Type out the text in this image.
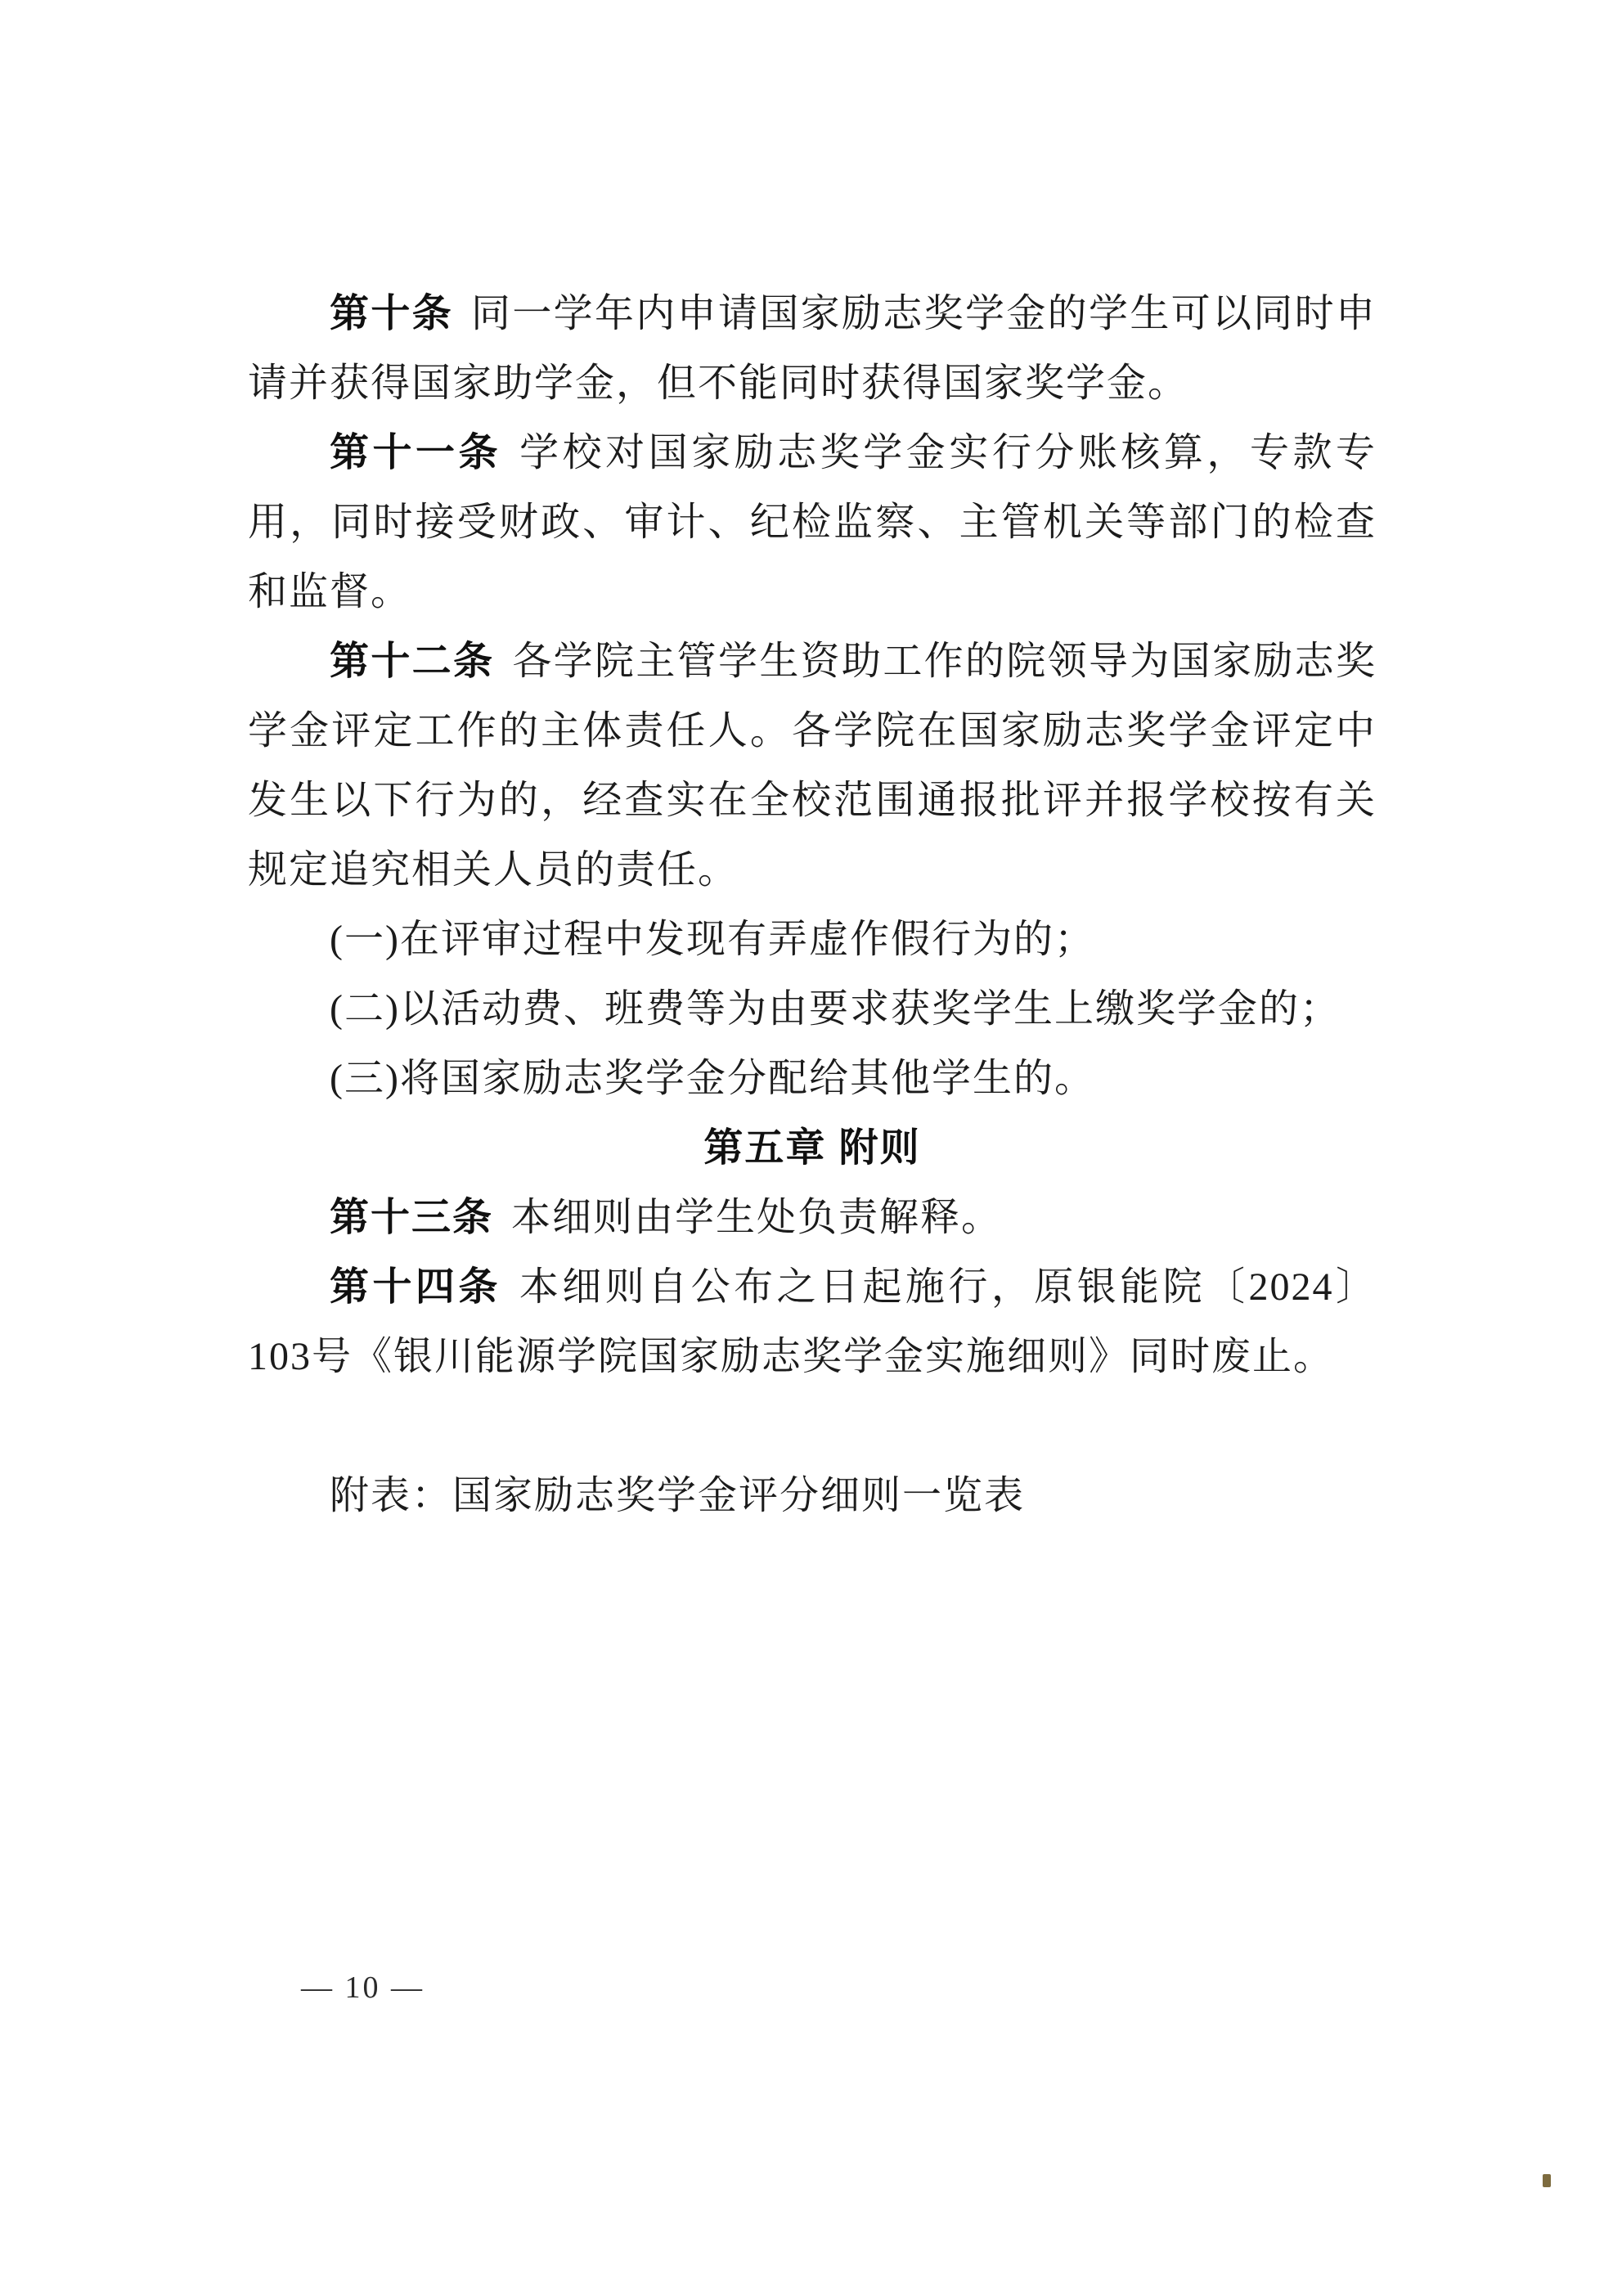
第十条 同一学年内申请国家励志奖学金的学生可以同时申请并获得国家助学金，但不能同时获得国家奖学金。

第十一条 学校对国家励志奖学金实行分账核算，专款专用，同时接受财政、审计、纪检监察、主管机关等部门的检查和监督。

第十二条 各学院主管学生资助工作的院领导为国家励志奖学金评定工作的主体责任人。各学院在国家励志奖学金评定中发生以下行为的，经查实在全校范围通报批评并报学校按有关规定追究相关人员的责任。

(一)在评审过程中发现有弄虚作假行为的；

(二)以活动费、班费等为由要求获奖学生上缴奖学金的；

(三)将国家励志奖学金分配给其他学生的。

第五章 附则

第十三条 本细则由学生处负责解释。

第十四条 本细则自公布之日起施行，原银能院〔2024〕103号《银川能源学院国家励志奖学金实施细则》同时废止。

附表：国家励志奖学金评分细则一览表

— 10 —
